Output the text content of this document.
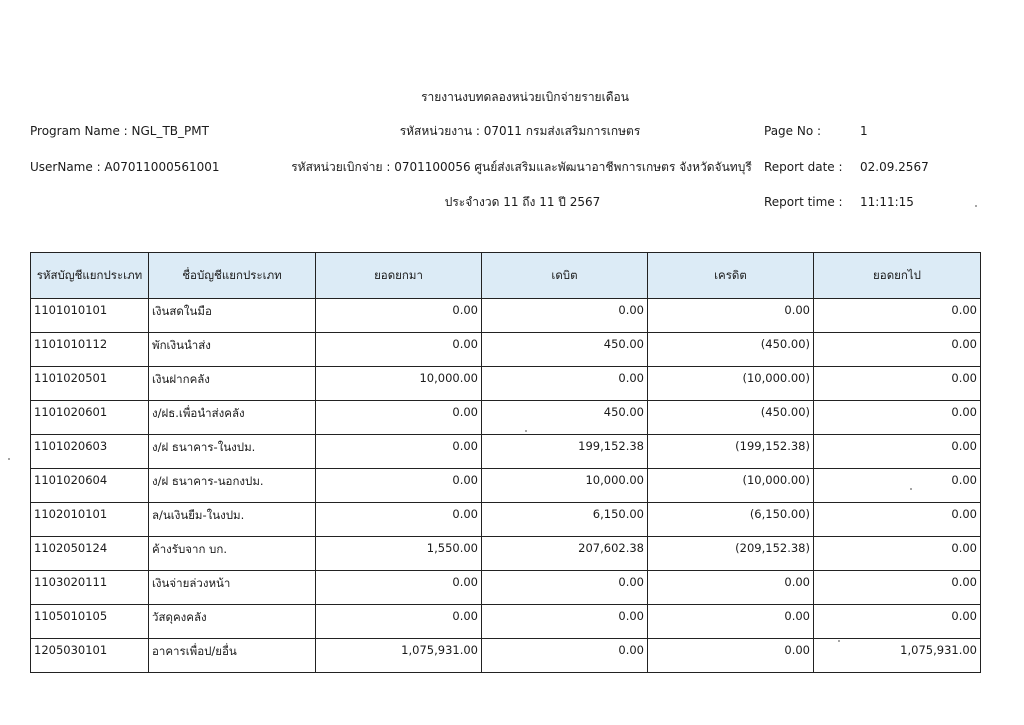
รายงานงบทดลองหน่วยเบิกจ่ายรายเดือน
Program Name : NGL_TB_PMT	รหัสหน่วยงาน : 07011 กรมส่งเสริมการเกษตร	Page No :	1
UserName : A07011000561001	รหัสหน่วยเบิกจ่าย : 0701100056 ศูนย์ส่งเสริมและพัฒนาอาชีพการเกษตร จังหวัดจันทบุรี	Report date : 02.09.2567
ประจำงวด 11 ถึง 11 ปี 2567	Report time : 11:11:15
รหัสบัญชีแยกประเภท	ชื่อบัญชีแยกประเภท	ยอดยกมา	เดบิต	เครดิต	ยอดยกไป
1101010101	เงินสดในมือ	0.00	0.00	0.00	0.00
1101010112	พักเงินนำส่ง	0.00	450.00	(450.00)	0.00
1101020501	เงินฝากคลัง	10,000.00	0.00	(10,000.00)	0.00
1101020601	ง/ฝธ.เพื่อนำส่งคลัง	0.00	450.00	(450.00)	0.00
1101020603	ง/ฝ ธนาคาร-ในงปม.	0.00	199,152.38	(199,152.38)	0.00
1101020604	ง/ฝ ธนาคาร-นอกงปม.	0.00	10,000.00	(10,000.00)	0.00
1102010101	ล/นเงินยืม-ในงปม.	0.00	6,150.00	(6,150.00)	0.00
1102050124	ค้างรับจาก บก.	1,550.00	207,602.38	(209,152.38)	0.00
1103020111	เงินจ่ายล่วงหน้า	0.00	0.00	0.00	0.00
1105010105	วัสดุคงคลัง	0.00	0.00	0.00	0.00
1205030101	อาคารเพื่อป/ยอื่น	1,075,931.00	0.00	0.00	1,075,931.00
